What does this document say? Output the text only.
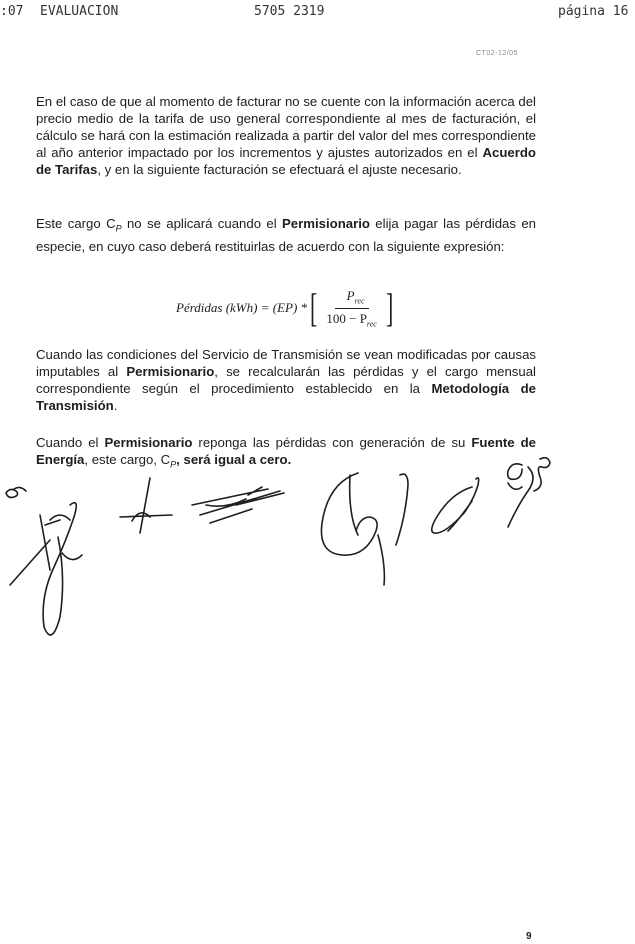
:07 EVALUACION	5705 2319	página 16
CT02-12/05
En el caso de que al momento de facturar no se cuente con la información acerca del precio medio de la tarifa de uso general correspondiente al mes de facturación, el cálculo se hará con la estimación realizada a partir del valor del mes correspondiente al año anterior impactado por los incrementos y ajustes autorizados en el Acuerdo de Tarifas, y en la siguiente facturación se efectuará el ajuste necesario.
Este cargo $C_P$ no se aplicará cuando el Permisionario elija pagar las pérdidas en especie, en cuyo caso deberá restituirlas de acuerdo con la siguiente expresión:
Pérdidas (kWh) = (EP) * [ $\frac{P_{rec}}{100 - P_{rec}}$ ]
Cuando las condiciones del Servicio de Transmisión se vean modificadas por causas imputables al Permisionario, se recalcularán las pérdidas y el cargo mensual correspondiente según el procedimiento establecido en la Metodología de Transmisión.
Cuando el Permisionario reponga las pérdidas con generación de su Fuente de Energía, este cargo, $C_P$, será igual a cero.
9
